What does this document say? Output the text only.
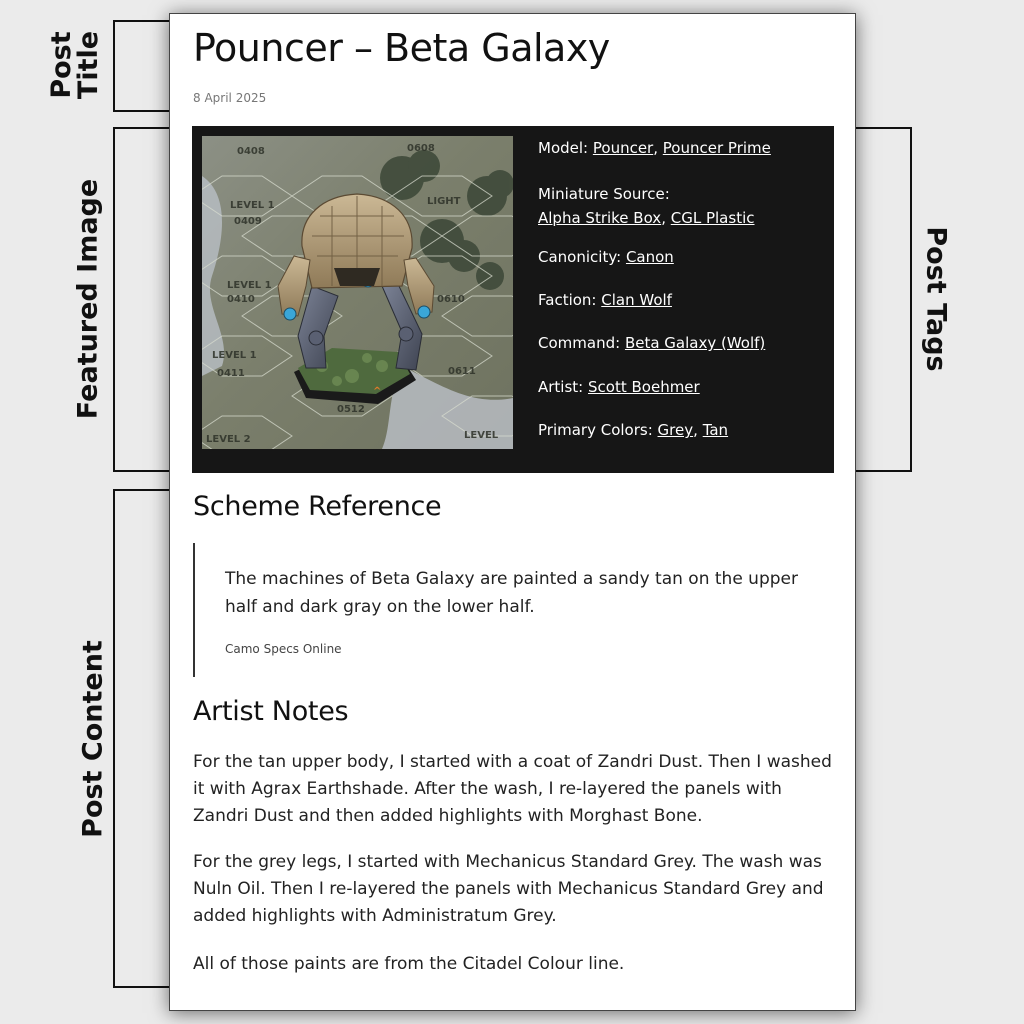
Post
Title
Featured Image
Post Content
Post Tags
Pouncer – Beta Galaxy
8 April 2025
0408	0608
LEVEL 1
0409
LIGHT
LEVEL 1
0410	0610
LEVEL 1
0411	0611
0512
LEVEL 2	LEVEL
^
Model: Pouncer, Pouncer Prime
Miniature Source:
Alpha Strike Box, CGL Plastic
Canonicity: Canon
Faction: Clan Wolf
Command: Beta Galaxy (Wolf)
Artist: Scott Boehmer
Primary Colors: Grey, Tan
Scheme Reference

The machines of Beta Galaxy are painted a sandy tan on the upper half and dark gray on the lower half.

Camo Specs Online
Artist Notes

For the tan upper body, I started with a coat of Zandri Dust. Then I washed it with Agrax Earthshade. After the wash, I re-layered the panels with Zandri Dust and then added highlights with Morghast Bone.

For the grey legs, I started with Mechanicus Standard Grey. The wash was Nuln Oil. Then I re-layered the panels with Mechanicus Standard Grey and added highlights with Administratum Grey.

All of those paints are from the Citadel Colour line.
